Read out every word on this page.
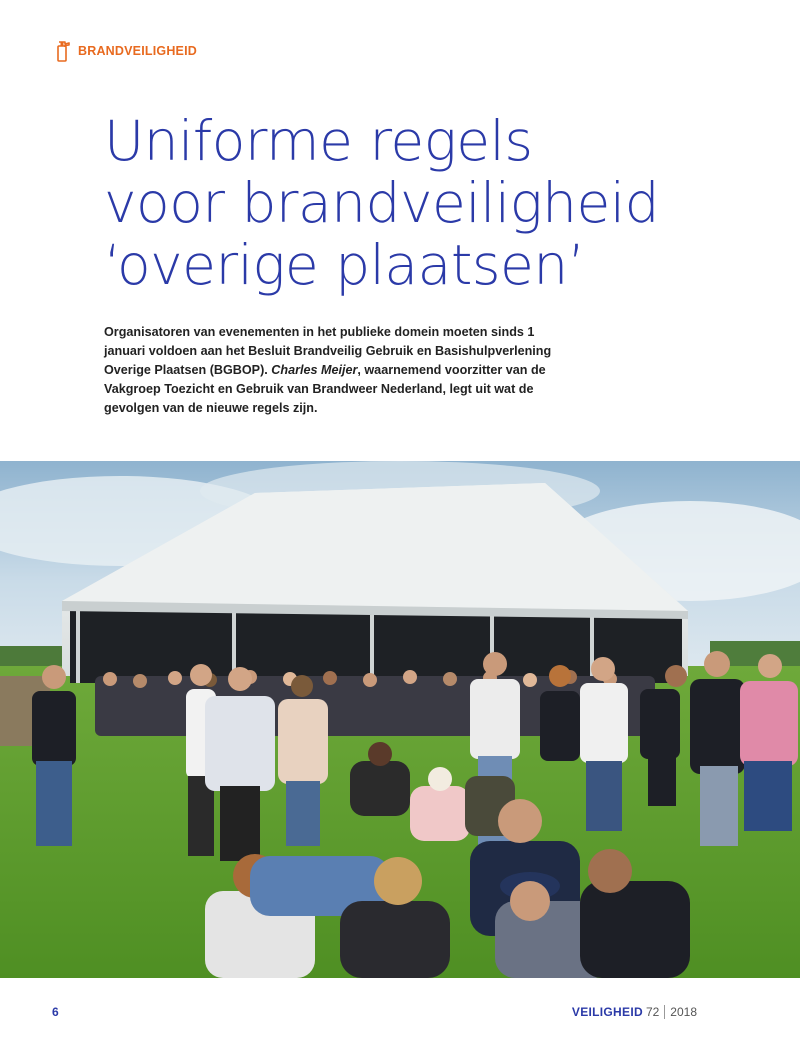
BRANDVEILIGHEID
Uniforme regels
voor brandveiligheid
‘overige plaatsen’

Organisatoren van evenementen in het publieke domein moeten sinds 1 januari voldoen aan het Besluit Brandveilig Gebruik en Basishulpverlening Overige Plaatsen (BGBOP). Charles Meijer, waarnemend voorzitter van de Vakgroep Toezicht en Gebruik van Brandweer Nederland, legt uit wat de gevolgen van de nieuwe regels zijn.

6	VEILIGHEID 72 2018
